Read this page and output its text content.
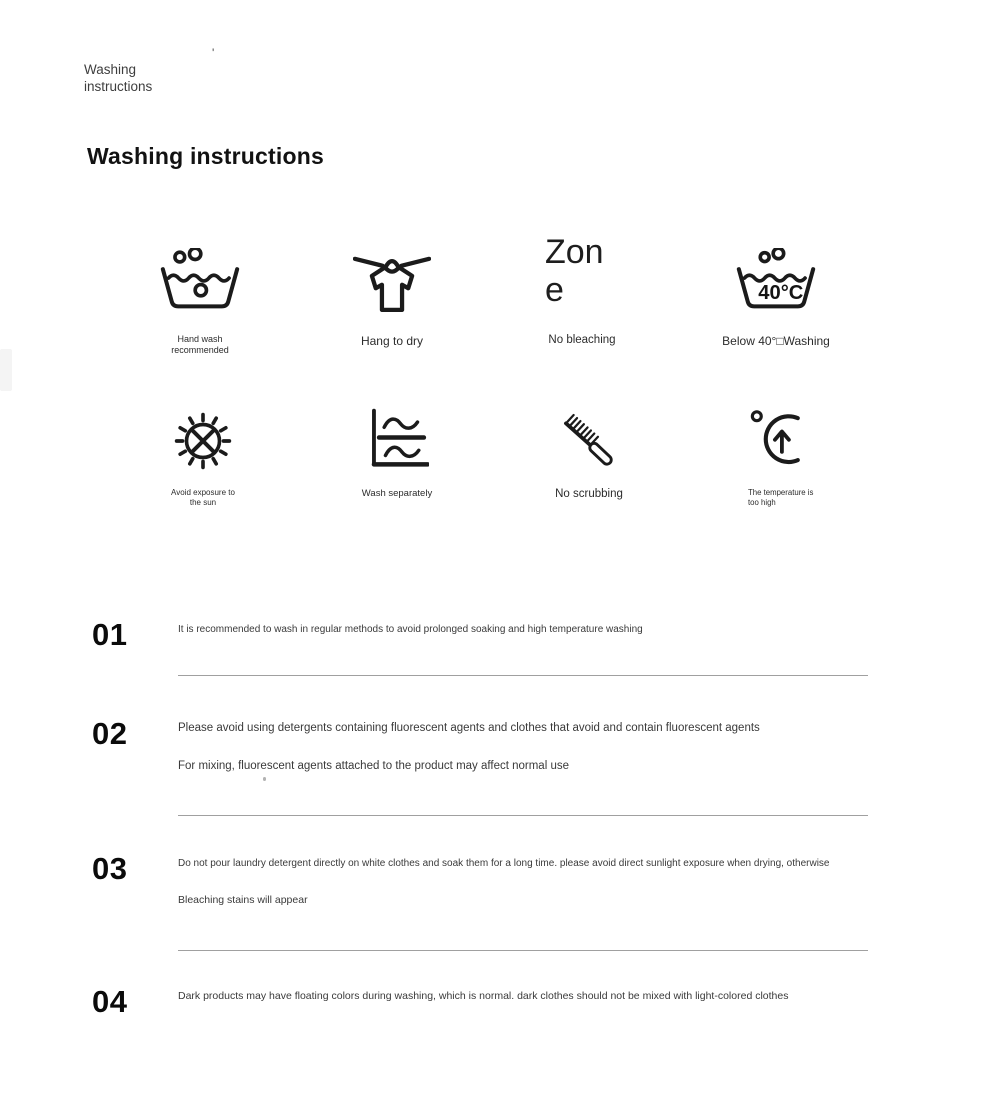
Washing
instructions
'
Washing instructions
Hand wash
recommended
Hang to dry
Zon
e
No bleaching
40°C
Below 40°□Washing
Avoid exposure to
the sun
Wash separately	No scrubbing	The temperature is
too high
01	It is recommended to wash in regular methods to avoid prolonged soaking and high temperature washing
02	Please avoid using detergents containing fluorescent agents and clothes that avoid and contain fluorescent agents
For mixing, fluorescent agents attached to the product may affect normal use
03	Do not pour laundry detergent directly on white clothes and soak them for a long time. please avoid direct sunlight exposure when drying, otherwise
Bleaching stains will appear
04	Dark products may have floating colors during washing, which is normal. dark clothes should not be mixed with light-colored clothes
